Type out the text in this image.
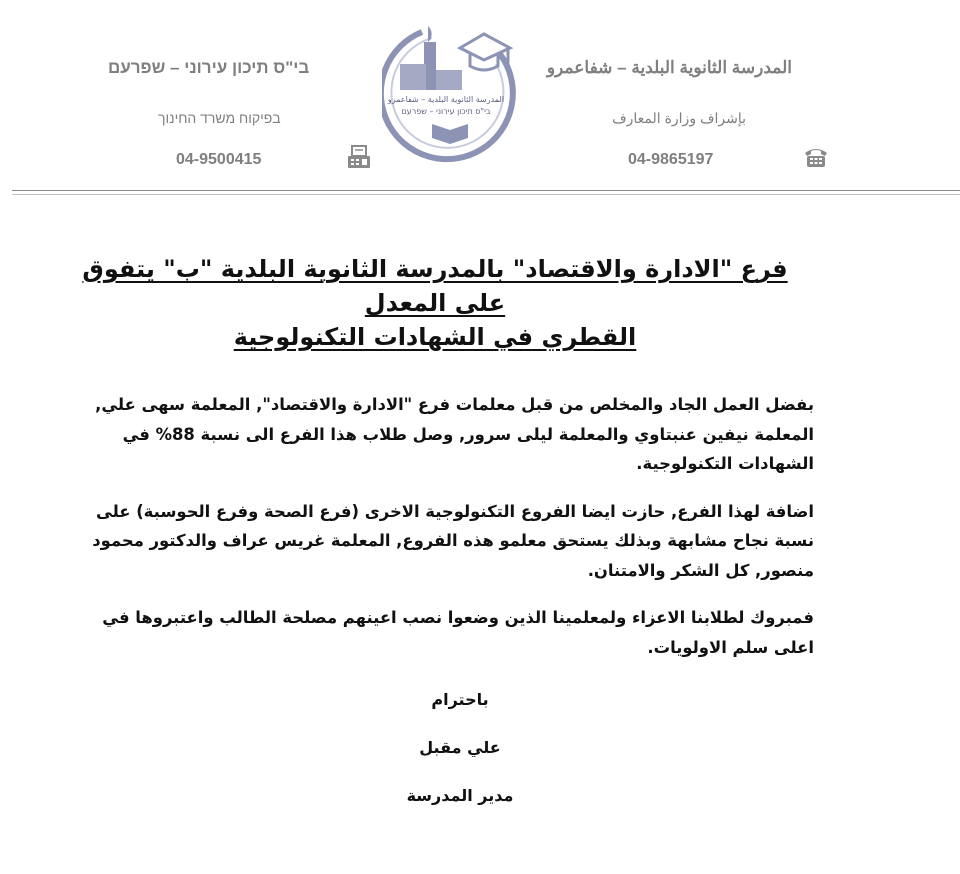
المدرسة الثانوية البلدية – شفاعمرو
بإشراف وزارة المعارف
04-9865197
בי"ס תיכון עירוני – שפרעם
בפיקוח משרד החינוך
04-9500415
المدرسة الثانوية البلدية – شفاعمرو
בי"ס תיכון עירוני – שפרעם
فرع "الادارة والاقتصاد" بالمدرسة الثانوية البلدية "ب" يتفوق على المعدل
القطري في الشهادات التكنولوجية

بفضل العمل الجاد والمخلص من قبل معلمات فرع "الادارة والاقتصاد", المعلمة سهى علي, المعلمة نيفين عنبتاوي والمعلمة ليلى سرور, وصل طلاب هذا الفرع الى نسبة 88% في الشهادات التكنولوجية.

اضافة لهذا الفرع, حازت ايضا الفروع التكنولوجية الاخرى (فرع الصحة وفرع الحوسبة) على نسبة نجاح مشابهة وبذلك يستحق معلمو هذه الفروع, المعلمة غريس عراف والدكتور محمود منصور, كل الشكر والامتنان.

فمبروك لطلابنا الاعزاء ولمعلمينا الذين وضعوا نصب اعينهم مصلحة الطالب واعتبروها في اعلى سلم الاولويات.

باحترام
علي مقبل
مدير المدرسة
